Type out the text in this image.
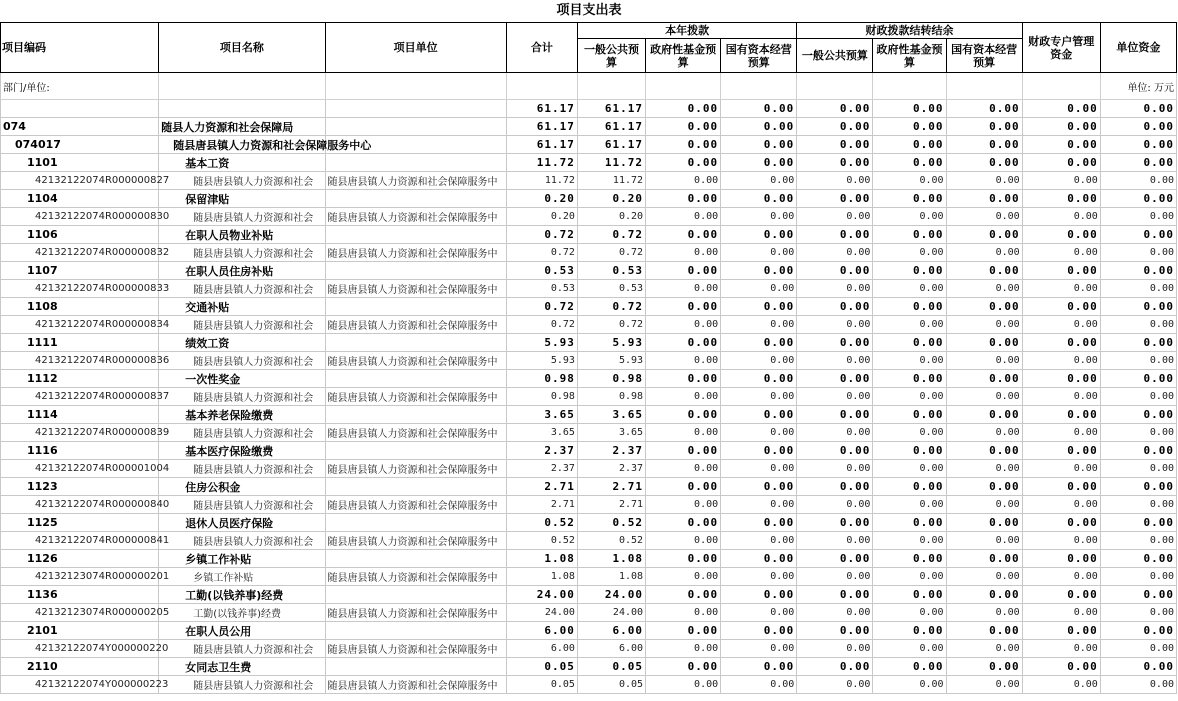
项目支出表
部门/单位:											单位: 万元
项目编码	项目名称	项目单位	合计	本年拨款			财政拨款结转结余			财政专户管理资金	单位资金
				一般公共预算	政府性基金预算	国有资本经营预算	一般公共预算	政府性基金预算	国有资本经营预算		
			61.17	61.17	0.00	0.00	0.00	0.00	0.00	0.00	0.00
074	随县人力资源和社会保障局		61.17	61.17	0.00	0.00	0.00	0.00	0.00	0.00	0.00
074017	随县唐县镇人力资源和社会保障服务中心		61.17	61.17	0.00	0.00	0.00	0.00	0.00	0.00	0.00
1101	基本工资		11.72	11.72	0.00	0.00	0.00	0.00	0.00	0.00	0.00
42132122074R000000827	随县唐县镇人力资源和社会	随县唐县镇人力资源和社会保障服务中	11.72	11.72	0.00	0.00	0.00	0.00	0.00	0.00	0.00
1104	保留津贴		0.20	0.20	0.00	0.00	0.00	0.00	0.00	0.00	0.00
42132122074R000000830	随县唐县镇人力资源和社会	随县唐县镇人力资源和社会保障服务中	0.20	0.20	0.00	0.00	0.00	0.00	0.00	0.00	0.00
1106	在职人员物业补贴		0.72	0.72	0.00	0.00	0.00	0.00	0.00	0.00	0.00
42132122074R000000832	随县唐县镇人力资源和社会	随县唐县镇人力资源和社会保障服务中	0.72	0.72	0.00	0.00	0.00	0.00	0.00	0.00	0.00
1107	在职人员住房补贴		0.53	0.53	0.00	0.00	0.00	0.00	0.00	0.00	0.00
42132122074R000000833	随县唐县镇人力资源和社会	随县唐县镇人力资源和社会保障服务中	0.53	0.53	0.00	0.00	0.00	0.00	0.00	0.00	0.00
1108	交通补贴		0.72	0.72	0.00	0.00	0.00	0.00	0.00	0.00	0.00
42132122074R000000834	随县唐县镇人力资源和社会	随县唐县镇人力资源和社会保障服务中	0.72	0.72	0.00	0.00	0.00	0.00	0.00	0.00	0.00
1111	绩效工资		5.93	5.93	0.00	0.00	0.00	0.00	0.00	0.00	0.00
42132122074R000000836	随县唐县镇人力资源和社会	随县唐县镇人力资源和社会保障服务中	5.93	5.93	0.00	0.00	0.00	0.00	0.00	0.00	0.00
1112	一次性奖金		0.98	0.98	0.00	0.00	0.00	0.00	0.00	0.00	0.00
42132122074R000000837	随县唐县镇人力资源和社会	随县唐县镇人力资源和社会保障服务中	0.98	0.98	0.00	0.00	0.00	0.00	0.00	0.00	0.00
1114	基本养老保险缴费		3.65	3.65	0.00	0.00	0.00	0.00	0.00	0.00	0.00
42132122074R000000839	随县唐县镇人力资源和社会	随县唐县镇人力资源和社会保障服务中	3.65	3.65	0.00	0.00	0.00	0.00	0.00	0.00	0.00
1116	基本医疗保险缴费		2.37	2.37	0.00	0.00	0.00	0.00	0.00	0.00	0.00
42132122074R000001004	随县唐县镇人力资源和社会	随县唐县镇人力资源和社会保障服务中	2.37	2.37	0.00	0.00	0.00	0.00	0.00	0.00	0.00
1123	住房公积金		2.71	2.71	0.00	0.00	0.00	0.00	0.00	0.00	0.00
42132122074R000000840	随县唐县镇人力资源和社会	随县唐县镇人力资源和社会保障服务中	2.71	2.71	0.00	0.00	0.00	0.00	0.00	0.00	0.00
1125	退休人员医疗保险		0.52	0.52	0.00	0.00	0.00	0.00	0.00	0.00	0.00
42132122074R000000841	随县唐县镇人力资源和社会	随县唐县镇人力资源和社会保障服务中	0.52	0.52	0.00	0.00	0.00	0.00	0.00	0.00	0.00
1126	乡镇工作补贴		1.08	1.08	0.00	0.00	0.00	0.00	0.00	0.00	0.00
42132123074R000000201	乡镇工作补贴	随县唐县镇人力资源和社会保障服务中	1.08	1.08	0.00	0.00	0.00	0.00	0.00	0.00	0.00
1136	工勤(以钱养事)经费		24.00	24.00	0.00	0.00	0.00	0.00	0.00	0.00	0.00
42132123074R000000205	工勤(以钱养事)经费	随县唐县镇人力资源和社会保障服务中	24.00	24.00	0.00	0.00	0.00	0.00	0.00	0.00	0.00
2101	在职人员公用		6.00	6.00	0.00	0.00	0.00	0.00	0.00	0.00	0.00
42132122074Y000000220	随县唐县镇人力资源和社会	随县唐县镇人力资源和社会保障服务中	6.00	6.00	0.00	0.00	0.00	0.00	0.00	0.00	0.00
2110	女同志卫生费		0.05	0.05	0.00	0.00	0.00	0.00	0.00	0.00	0.00
42132122074Y000000223	随县唐县镇人力资源和社会	随县唐县镇人力资源和社会保障服务中	0.05	0.05	0.00	0.00	0.00	0.00	0.00	0.00	0.00
